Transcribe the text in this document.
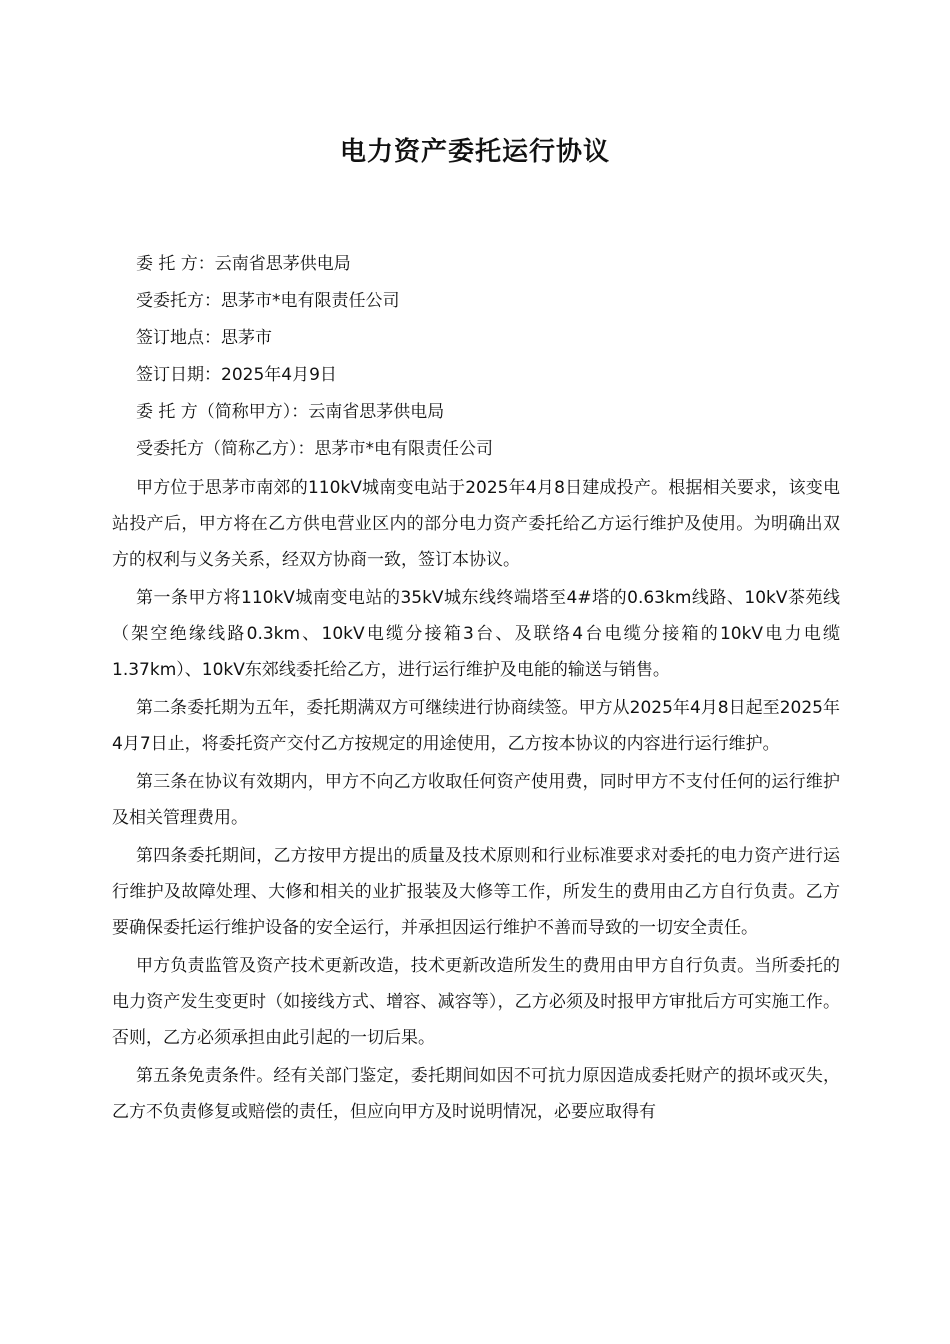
电力资产委托运行协议
委 托 方：云南省思茅供电局
受委托方：思茅市*电有限责任公司
签订地点：思茅市
签订日期：2025年4月9日
委 托 方（简称甲方）：云南省思茅供电局
受委托方（简称乙方）：思茅市*电有限责任公司

甲方位于思茅市南郊的110kV城南变电站于2025年4月8日建成投产。根据相关要求，该变电站投产后，甲方将在乙方供电营业区内的部分电力资产委托给乙方运行维护及使用。为明确出双方的权利与义务关系，经双方协商一致，签订本协议。

第一条甲方将110kV城南变电站的35kV城东线终端塔至4#塔的0.63km线路、10kV茶苑线（架空绝缘线路0.3km、10kV电缆分接箱3台、及联络4台电缆分接箱的10kV电力电缆1.37km）、10kV东郊线委托给乙方，进行运行维护及电能的输送与销售。

第二条委托期为五年，委托期满双方可继续进行协商续签。甲方从2025年4月8日起至2025年4月7日止，将委托资产交付乙方按规定的用途使用，乙方按本协议的内容进行运行维护。

第三条在协议有效期内，甲方不向乙方收取任何资产使用费，同时甲方不支付任何的运行维护及相关管理费用。

第四条委托期间，乙方按甲方提出的质量及技术原则和行业标准要求对委托的电力资产进行运行维护及故障处理、大修和相关的业扩报装及大修等工作，所发生的费用由乙方自行负责。乙方要确保委托运行维护设备的安全运行，并承担因运行维护不善而导致的一切安全责任。

甲方负责监管及资产技术更新改造，技术更新改造所发生的费用由甲方自行负责。当所委托的电力资产发生变更时（如接线方式、增容、减容等），乙方必须及时报甲方审批后方可实施工作。否则，乙方必须承担由此引起的一切后果。

第五条免责条件。经有关部门鉴定，委托期间如因不可抗力原因造成委托财产的损坏或灭失，乙方不负责修复或赔偿的责任，但应向甲方及时说明情况，必要应取得有
